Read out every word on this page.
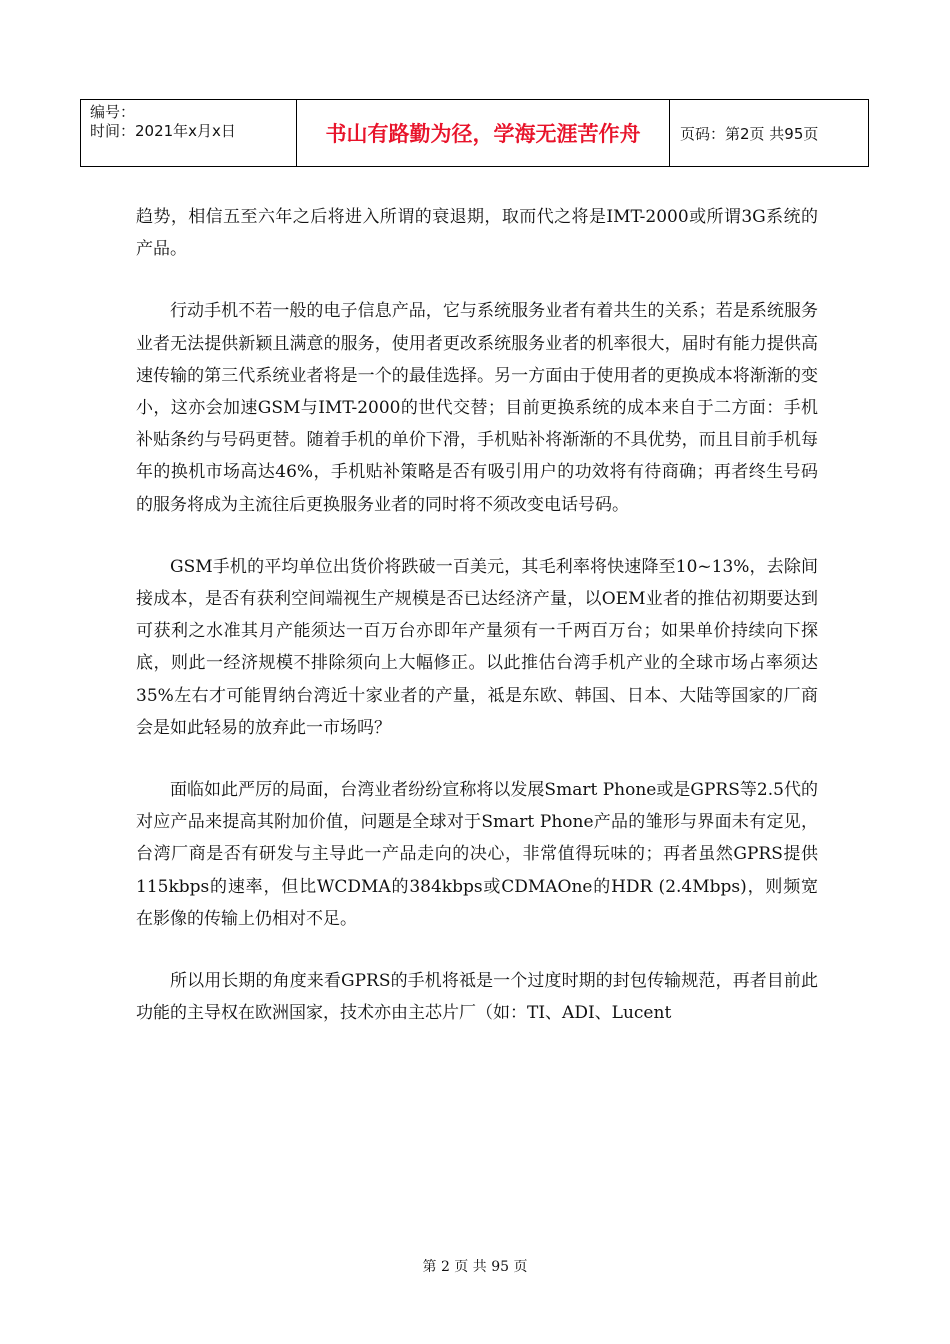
编号：
时间：2021年x月x日	书山有路勤为径，学海无涯苦作舟	页码：第2页 共95页

趋势，相信五至六年之后将进入所谓的衰退期，取而代之将是IMT-2000或所谓3G系统的产品。

行动手机不若一般的电子信息产品，它与系统服务业者有着共生的关系；若是系统服务业者无法提供新颖且满意的服务，使用者更改系统服务业者的机率很大，届时有能力提供高速传输的第三代系统业者将是一个的最佳选择。另一方面由于使用者的更换成本将渐渐的变小，这亦会加速GSM与IMT-2000的世代交替；目前更换系统的成本来自于二方面：手机补贴条约与号码更替。随着手机的单价下滑，手机贴补将渐渐的不具优势，而且目前手机每年的换机市场高达46%，手机贴补策略是否有吸引用户的功效将有待商确；再者终生号码的服务将成为主流往后更换服务业者的同时将不须改变电话号码。

GSM手机的平均单位出货价将跌破一百美元，其毛利率将快速降至10~13%，去除间接成本，是否有获利空间端视生产规模是否已达经济产量，以OEM业者的推估初期要达到可获利之水准其月产能须达一百万台亦即年产量须有一千两百万台；如果单价持续向下探底，则此一经济规模不排除须向上大幅修正。以此推估台湾手机产业的全球市场占率须达35%左右才可能胃纳台湾近十家业者的产量，祗是东欧、韩国、日本、大陆等国家的厂商会是如此轻易的放弃此一市场吗？

面临如此严厉的局面，台湾业者纷纷宣称将以发展Smart Phone或是GPRS等2.5代的对应产品来提高其附加价值，问题是全球对于Smart Phone产品的雏形与界面未有定见，台湾厂商是否有研发与主导此一产品走向的决心，非常值得玩味的；再者虽然GPRS提供115kbps的速率，但比WCDMA的384kbps或CDMAOne的HDR (2.4Mbps)，则频宽在影像的传输上仍相对不足。

所以用长期的角度来看GPRS的手机将祗是一个过度时期的封包传输规范，再者目前此功能的主导权在欧洲国家，技术亦由主芯片厂（如：TI、ADI、Lucent

第 2 页 共 95 页
